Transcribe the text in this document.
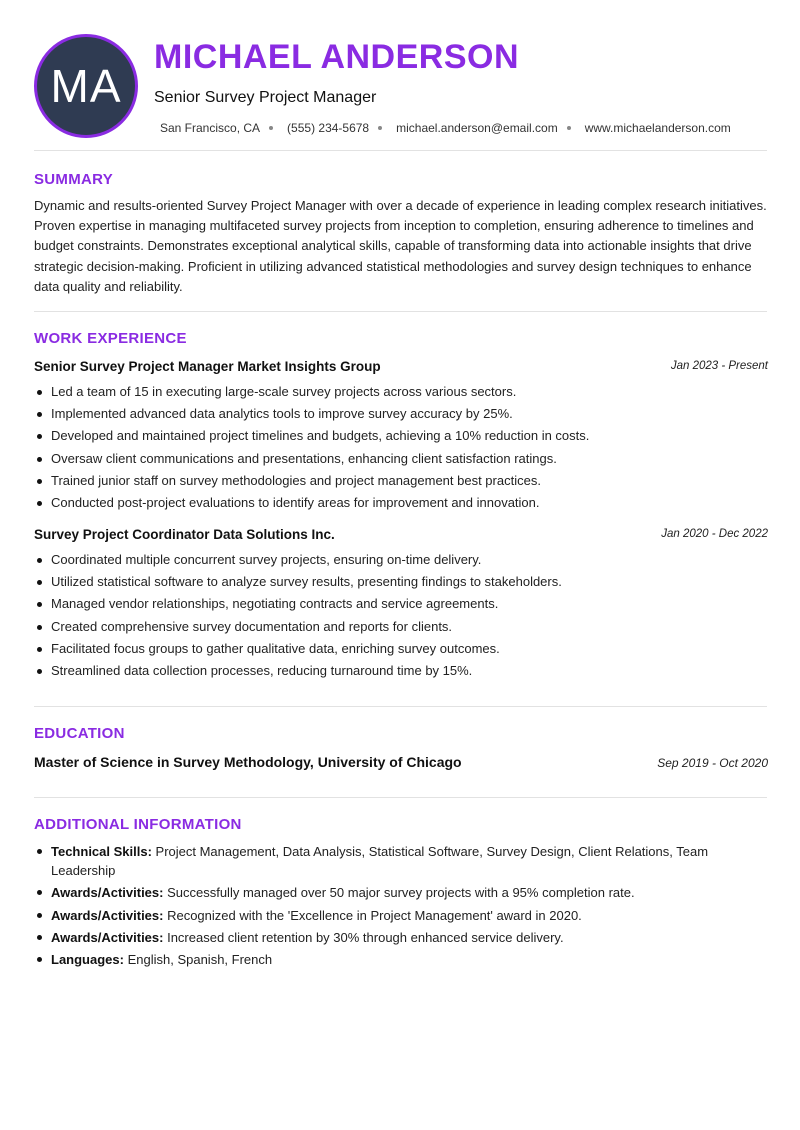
MA
MICHAEL ANDERSON
Senior Survey Project Manager
San Francisco, CA (555) 234-5678 michael.anderson@email.com www.michaelanderson.com
SUMMARY
Dynamic and results-oriented Survey Project Manager with over a decade of experience in leading complex research initiatives. Proven expertise in managing multifaceted survey projects from inception to completion, ensuring adherence to timelines and budget constraints. Demonstrates exceptional analytical skills, capable of transforming data into actionable insights that drive strategic decision-making. Proficient in utilizing advanced statistical methodologies and survey design techniques to enhance data quality and reliability.
WORK EXPERIENCE
Senior Survey Project Manager Market Insights Group	Jan 2023 - Present
Led a team of 15 in executing large-scale survey projects across various sectors.
Implemented advanced data analytics tools to improve survey accuracy by 25%.
Developed and maintained project timelines and budgets, achieving a 10% reduction in costs.
Oversaw client communications and presentations, enhancing client satisfaction ratings.
Trained junior staff on survey methodologies and project management best practices.
Conducted post-project evaluations to identify areas for improvement and innovation.
Survey Project Coordinator Data Solutions Inc.	Jan 2020 - Dec 2022
Coordinated multiple concurrent survey projects, ensuring on-time delivery.
Utilized statistical software to analyze survey results, presenting findings to stakeholders.
Managed vendor relationships, negotiating contracts and service agreements.
Created comprehensive survey documentation and reports for clients.
Facilitated focus groups to gather qualitative data, enriching survey outcomes.
Streamlined data collection processes, reducing turnaround time by 15%.
EDUCATION
Master of Science in Survey Methodology, University of Chicago	Sep 2019 - Oct 2020
ADDITIONAL INFORMATION
Technical Skills: Project Management, Data Analysis, Statistical Software, Survey Design, Client Relations, Team Leadership
Awards/Activities: Successfully managed over 50 major survey projects with a 95% completion rate.
Awards/Activities: Recognized with the 'Excellence in Project Management' award in 2020.
Awards/Activities: Increased client retention by 30% through enhanced service delivery.
Languages: English, Spanish, French
